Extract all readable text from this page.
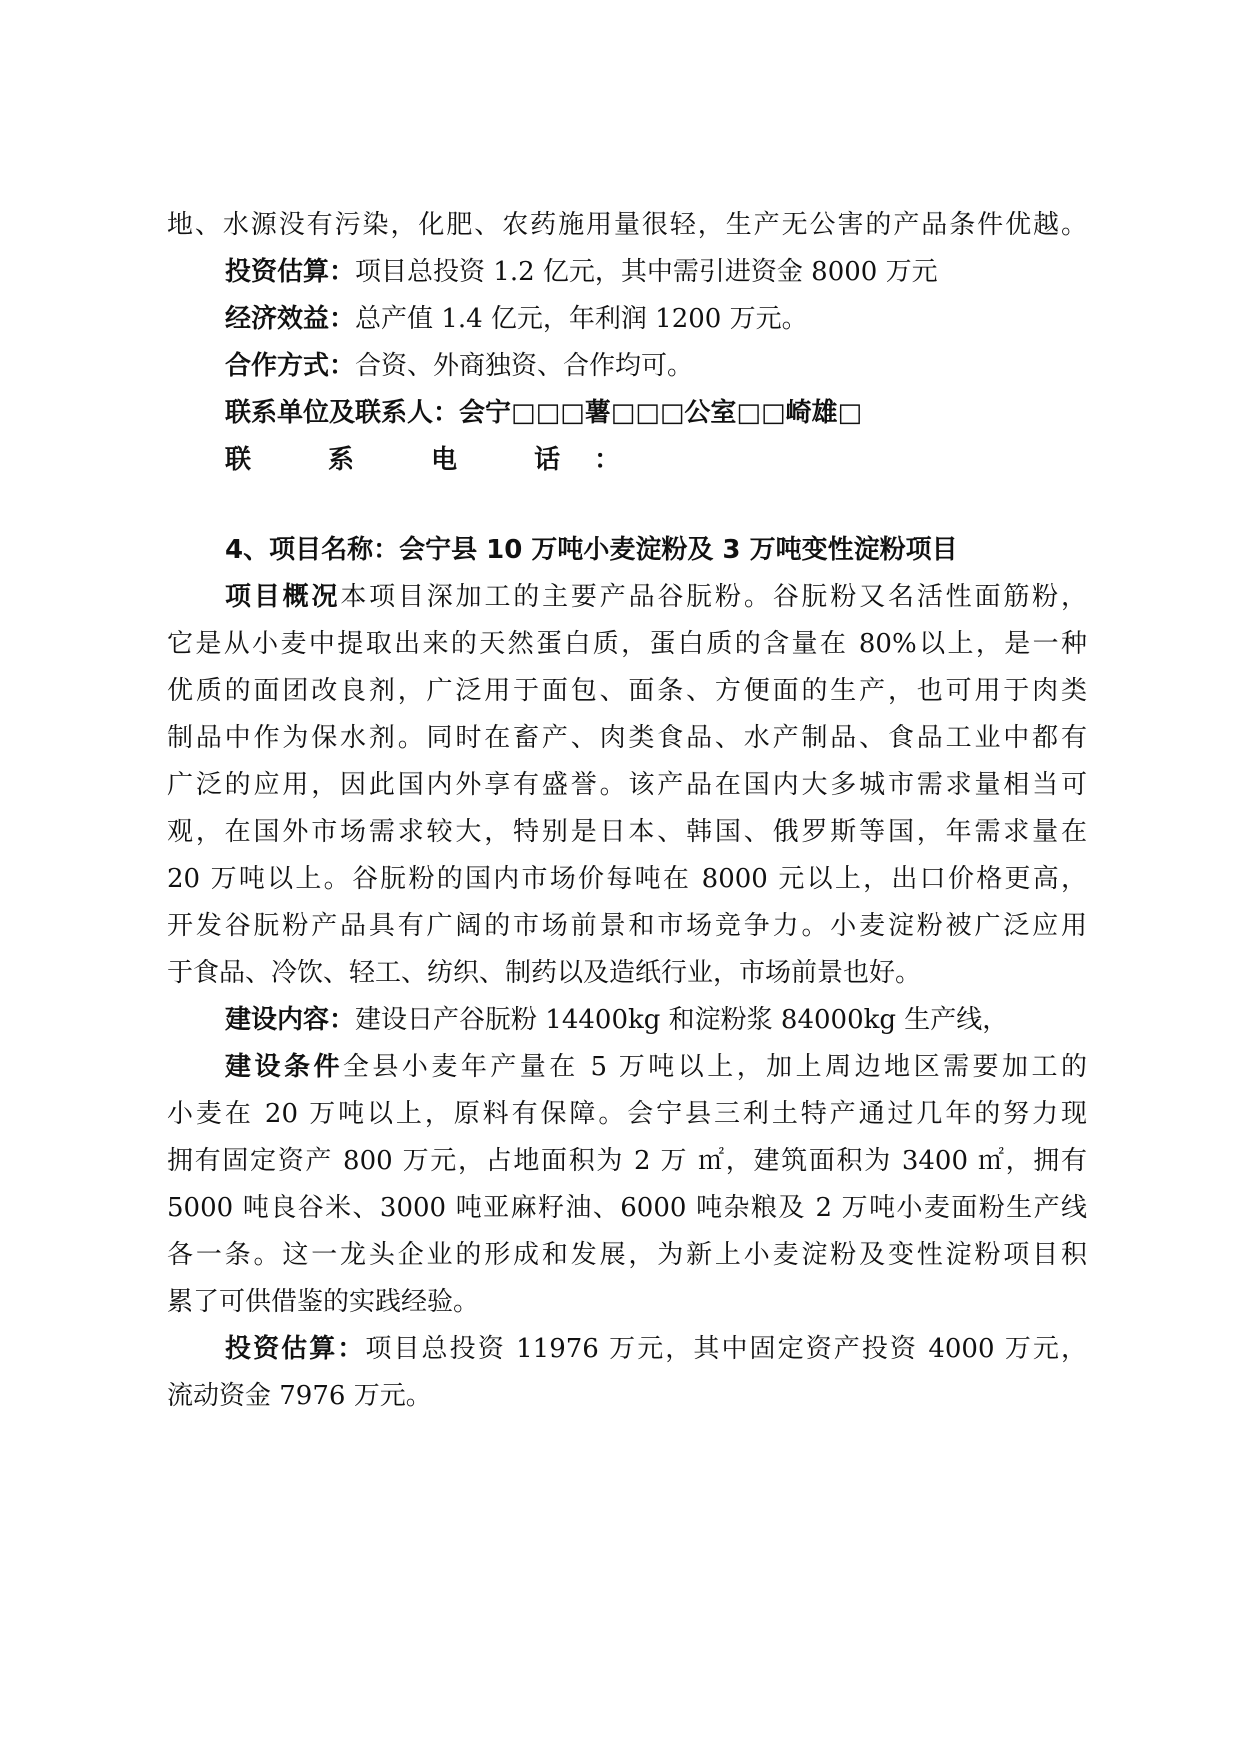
地、水源没有污染，化肥、农药施用量很轻，生产无公害的产品条件优越。
投资估算：项目总投资 1.2 亿元，其中需引进资金 8000 万元
经济效益：总产值 1.4 亿元，年利润 1200 万元。
合作方式：合资、外商独资、合作均可。
联系单位及联系人：会宁□□□薯□□□公室□□崎雄□
联 系 电 话：
4、项目名称：会宁县 10 万吨小麦淀粉及 3 万吨变性淀粉项目
项目概况本项目深加工的主要产品谷朊粉。谷朊粉又名活性面筋粉，
它是从小麦中提取出来的天然蛋白质，蛋白质的含量在 80%以上，是一种
优质的面团改良剂，广泛用于面包、面条、方便面的生产，也可用于肉类
制品中作为保水剂。同时在畜产、肉类食品、水产制品、食品工业中都有
广泛的应用，因此国内外享有盛誉。该产品在国内大多城市需求量相当可
观，在国外市场需求较大，特别是日本、韩国、俄罗斯等国，年需求量在
20 万吨以上。谷朊粉的国内市场价每吨在 8000 元以上，出口价格更高，
开发谷朊粉产品具有广阔的市场前景和市场竞争力。小麦淀粉被广泛应用
于食品、冷饮、轻工、纺织、制药以及造纸行业，市场前景也好。
建设内容：建设日产谷朊粉 14400kg 和淀粉浆 84000kg 生产线，
建设条件全县小麦年产量在 5 万吨以上，加上周边地区需要加工的
小麦在 20 万吨以上，原料有保障。会宁县三利土特产通过几年的努力现
拥有固定资产 800 万元，占地面积为 2 万 ㎡，建筑面积为 3400 ㎡，拥有
5000 吨良谷米、3000 吨亚麻籽油、6000 吨杂粮及 2 万吨小麦面粉生产线
各一条。这一龙头企业的形成和发展，为新上小麦淀粉及变性淀粉项目积
累了可供借鉴的实践经验。
投资估算：项目总投资 11976 万元，其中固定资产投资 4000 万元，
流动资金 7976 万元。
